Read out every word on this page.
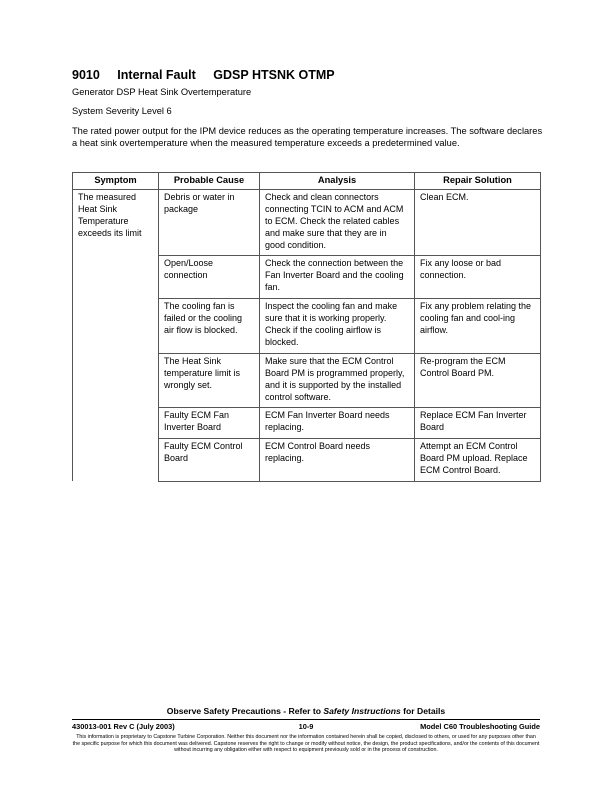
9010 Internal Fault GDSP HTSNK OTMP
Generator DSP Heat Sink Overtemperature
System Severity Level 6
The rated power output for the IPM device reduces as the operating temperature increases. The software declares a heat sink overtemperature when the measured temperature exceeds a predetermined value.
Symptom	Probable Cause	Analysis	Repair Solution
The measured Heat Sink Temperature exceeds its limit	Debris or water in package	Check and clean connectors connecting TCIN to ACM and ACM to ECM. Check the related cables and make sure that they are in good condition.	Clean ECM.
	Open/Loose connection	Check the connection between the Fan Inverter Board and the cooling fan.	Fix any loose or bad connection.
	The cooling fan is failed or the cooling air flow is blocked.	Inspect the cooling fan and make sure that it is working properly. Check if the cooling airflow is blocked.	Fix any problem relating the cooling fan and cool-ing airflow.
	The Heat Sink temperature limit is wrongly set.	Make sure that the ECM Control Board PM is programmed properly, and it is supported by the installed control software.	Re-program the ECM Control Board PM.
	Faulty ECM Fan Inverter Board	ECM Fan Inverter Board needs replacing.	Replace ECM Fan Inverter Board
	Faulty ECM Control Board	ECM Control Board needs replacing.	Attempt an ECM Control Board PM upload. Replace ECM Control Board.
Observe Safety Precautions - Refer to Safety Instructions for Details
430013-001 Rev C (July 2003)	10-9	Model C60 Troubleshooting Guide
This information is proprietary to Capstone Turbine Corporation. Neither this document nor the information contained herein shall be copied, disclosed to others, or used for any purposes other than the specific purpose for which this document was delivered. Capstone reserves the right to change or modify without notice, the design, the product specifications, and/or the contents of this document without incurring any obligation either with respect to equipment previously sold or in the process of construction.
